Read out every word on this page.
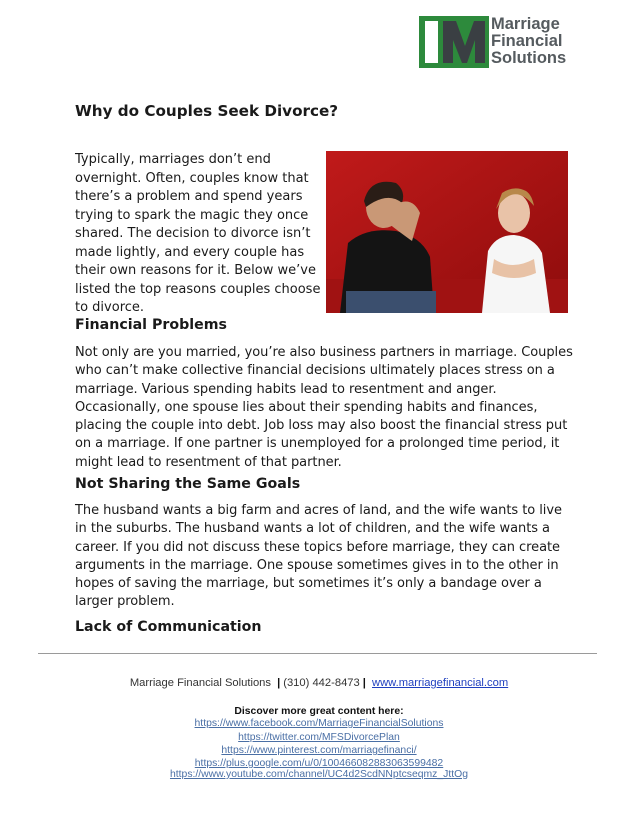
Marriage
Financial
Solutions
Why do Couples Seek Divorce?

Typically, marriages don’t end overnight. Often, couples know that there’s a problem and spend years trying to spark the magic they once shared. The decision to divorce isn’t made lightly, and every couple has their own reasons for it. Below we’ve listed the top reasons couples choose to divorce.

Financial Problems

Not only are you married, you’re also business partners in marriage. Couples who can’t make collective financial decisions ultimately places stress on a marriage. Various spending habits lead to resentment and anger. Occasionally, one spouse lies about their spending habits and finances, placing the couple into debt. Job loss may also boost the financial stress put on a marriage. If one partner is unemployed for a prolonged time period, it might lead to resentment of that partner.

Not Sharing the Same Goals

The husband wants a big farm and acres of land, and the wife wants to live in the suburbs. The husband wants a lot of children, and the wife wants a career. If you did not discuss these topics before marriage, they can create arguments in the marriage. One spouse sometimes gives in to the other in hopes of saving the marriage, but sometimes it’s only a bandage over a larger problem.

Lack of Communication

Marriage Financial Solutions | (310) 442-8473 | www.marriagefinancial.com

Discover more great content here:

https://www.facebook.com/MarriageFinancialSolutions
https://twitter.com/MFSDivorcePlan
https://www.pinterest.com/marriagefinanci/
https://plus.google.com/u/0/100466082883063599482
https://www.youtube.com/channel/UC4d2ScdNNptcseqmz_JttOg
